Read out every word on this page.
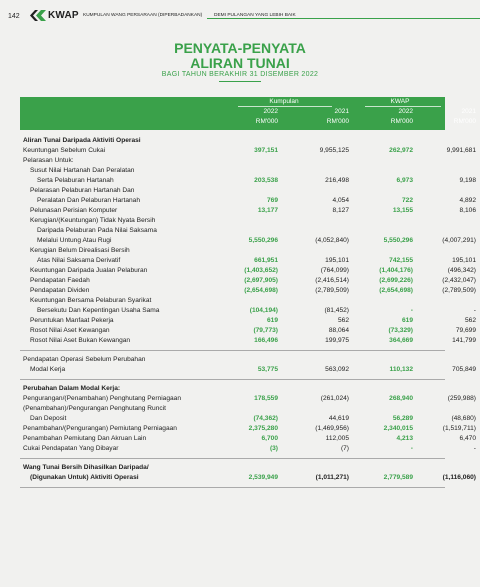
142	KWAP KUMPULAN WANG PERSARAAN (DIPERBADANKAN)	DEMI PULANGAN YANG LEBIH BAIK
PENYATA-PENYATA
ALIRAN TUNAI
BAGI TAHUN BERAKHIR 31 DISEMBER 2022
Kumpulan	KWAP
2022	2021	2022	2021
RM'000	RM'000	RM'000	RM'000
Aliran Tunai Daripada Aktiviti Operasi
Keuntungan Sebelum Cukai	397,151	9,955,125	262,972	9,991,681
Pelarasan Untuk:
Susut Nilai Hartanah Dan Peralatan
Serta Pelaburan Hartanah	203,538	216,498	6,973	9,198
Pelarasan Pelaburan Hartanah Dan
Peralatan Dan Pelaburan Hartanah	769	4,054	722	4,892
Pelunasan Perisian Komputer	13,177	8,127	13,155	8,106
Kerugian/(Keuntungan) Tidak Nyata Bersih
Daripada Pelaburan Pada Nilai Saksama
Melalui Untung Atau Rugi	5,550,296	(4,052,840)	5,550,296	(4,007,291)
Kerugian Belum Direalisasi Bersih
Atas Nilai Saksama Derivatif	661,951	195,101	742,155	195,101
Keuntungan Daripada Jualan Pelaburan	(1,403,652)	(764,099)	(1,404,176)	(496,342)
Pendapatan Faedah	(2,697,905)	(2,416,514)	(2,699,226)	(2,432,047)
Pendapatan Dividen	(2,654,698)	(2,789,509)	(2,654,698)	(2,789,509)
Keuntungan Bersama Pelaburan Syarikat
Bersekutu Dan Kepentingan Usaha Sama	(104,194)	(81,452)	-	-
Peruntukan Manfaat Pekerja	619	562	619	562
Rosot Nilai Aset Kewangan	(79,773)	88,064	(73,329)	79,699
Rosot Nilai Aset Bukan Kewangan	166,496	199,975	364,669	141,799
Pendapatan Operasi Sebelum Perubahan
Modal Kerja	53,775	563,092	110,132	705,849
Perubahan Dalam Modal Kerja:
Pengurangan/(Penambahan) Penghutang Perniagaan	178,559	(261,024)	268,940	(259,988)
(Penambahan)/Pengurangan Penghutang Runcit
Dan Deposit	(74,362)	44,619	56,289	(48,680)
Penambahan/(Pengurangan) Pemiutang Perniagaan	2,375,280	(1,469,956)	2,340,015	(1,519,711)
Penambahan Pemiutang Dan Akruan Lain	6,700	112,005	4,213	6,470
Cukai Pendapatan Yang Dibayar	(3)	(7)	-	-
Wang Tunai Bersih Dihasilkan Daripada/
(Digunakan Untuk) Aktiviti Operasi	2,539,949	(1,011,271)	2,779,589	(1,116,060)
